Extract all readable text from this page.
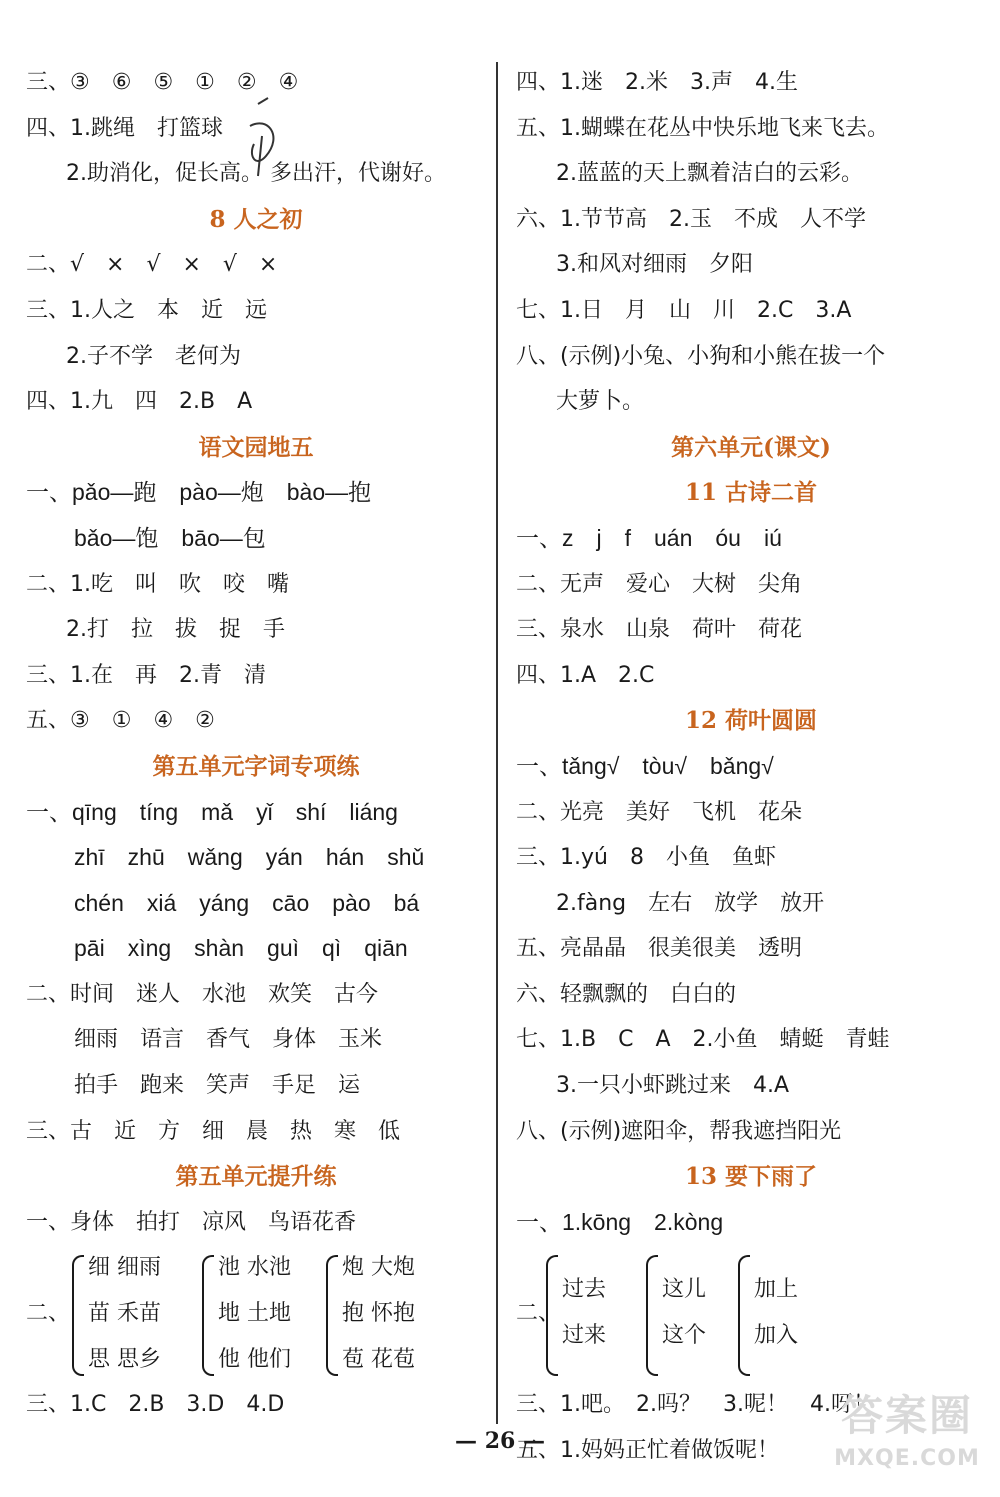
三、③　⑥　⑤　①　②　④
四、1.跳绳　打篮球
2.助消化，促长高。 多出汗，代谢好。
8 人之初
二、√　×　√　×　√　×
三、1.人之　本　近　远
2.子不学　老何为
四、1.九　四　2.B　A
语文园地五
一、pǎo—跑　pào—炮　bào—抱
bǎo—饱　bāo—包
二、1.吃　叫　吹　咬　嘴
2.打　拉　拔　捉　手
三、1.在　再　2.青　清
五、③　①　④　②
第五单元字词专项练
一、qīng　tíng　mǎ　yǐ　shí　liáng
zhī　zhū　wǎng　yán　hán　shǔ
chén　xiá　yáng　cāo　pào　bá
pāi　xìng　shàn　guì　qì　qiān
二、时间　迷人　水池　欢笑　古今
细雨　语言　香气　身体　玉米
拍手　跑来　笑声　手足　运
三、古　近　方　细　晨　热　寒　低
第五单元提升练
一、身体　拍打　凉风　鸟语花香
二、
细 细雨
苗 禾苗
思 思乡
池 水池
地 土地
他 他们
炮 大炮
抱 怀抱
苞 花苞
三、1.C　2.B　3.D　4.D
四、1.迷　2.米　3.声　4.生
五、1.蝴蝶在花丛中快乐地飞来飞去。
2.蓝蓝的天上飘着洁白的云彩。
六、1.节节高　2.玉　不成　人不学
3.和风对细雨　夕阳
七、1.日　月　山　川　2.C　3.A
八、(示例)小兔、小狗和小熊在拔一个
大萝卜。
第六单元(课文)
11 古诗二首
一、z　j　f　uán　óu　iú
二、无声　爱心　大树　尖角
三、泉水　山泉　荷叶　荷花
四、1.A　2.C
12 荷叶圆圆
一、tǎng√　tòu√　bǎng√
二、光亮　美好　飞机　花朵
三、1.yú　8　小鱼　鱼虾
2.fàng　左右　放学　放开
五、亮晶晶　很美很美　透明
六、轻飘飘的　白白的
七、1.B　C　A　2.小鱼　蜻蜓　青蛙
3.一只小虾跳过来　4.A
八、(示例)遮阳伞，帮我遮挡阳光
13 要下雨了
一、1.kōng　2.kòng
二、
过去
过来
这儿
这个
加上
加入
三、1.吧。　2.吗？　3.呢！　4.呀！
五、1.妈妈正忙着做饭呢！
— 26 —
答案圈
MXQE.COM
